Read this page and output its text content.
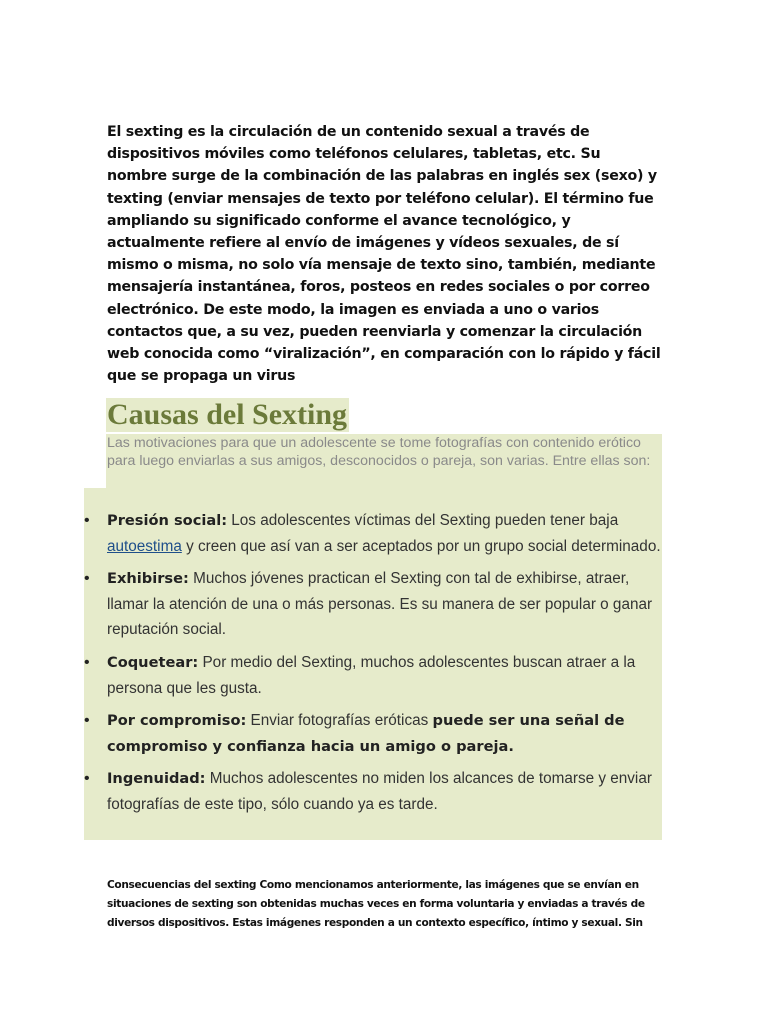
El sexting es la circulación de un contenido sexual a través de dispositivos móviles como teléfonos celulares, tabletas, etc. Su nombre surge de la combinación de las palabras en inglés sex (sexo) y texting (enviar mensajes de texto por teléfono celular). El término fue ampliando su significado conforme el avance tecnológico, y actualmente refiere al envío de imágenes y vídeos sexuales, de sí mismo o misma, no solo vía mensaje de texto sino, también, mediante mensajería instantánea, foros, posteos en redes sociales o por correo electrónico. De este modo, la imagen es enviada a uno o varios contactos que, a su vez, pueden reenviarla y comenzar la circulación web conocida como “viralización”, en comparación con lo rápido y fácil que se propaga un virus

Causas del Sexting

Las motivaciones para que un adolescente se tome fotografías con contenido erótico para luego enviarlas a sus amigos, desconocidos o pareja, son varias. Entre ellas son:

• Presión social: Los adolescentes víctimas del Sexting pueden tener baja autoestima y creen que así van a ser aceptados por un grupo social determinado.
• Exhibirse: Muchos jóvenes practican el Sexting con tal de exhibirse, atraer, llamar la atención de una o más personas. Es su manera de ser popular o ganar reputación social.
• Coquetear: Por medio del Sexting, muchos adolescentes buscan atraer a la persona que les gusta.
• Por compromiso: Enviar fotografías eróticas puede ser una señal de compromiso y confianza hacia un amigo o pareja.
• Ingenuidad: Muchos adolescentes no miden los alcances de tomarse y enviar fotografías de este tipo, sólo cuando ya es tarde.

Consecuencias del sexting Como mencionamos anteriormente, las imágenes que se envían en situaciones de sexting son obtenidas muchas veces en forma voluntaria y enviadas a través de diversos dispositivos. Estas imágenes responden a un contexto específico, íntimo y sexual. Sin
